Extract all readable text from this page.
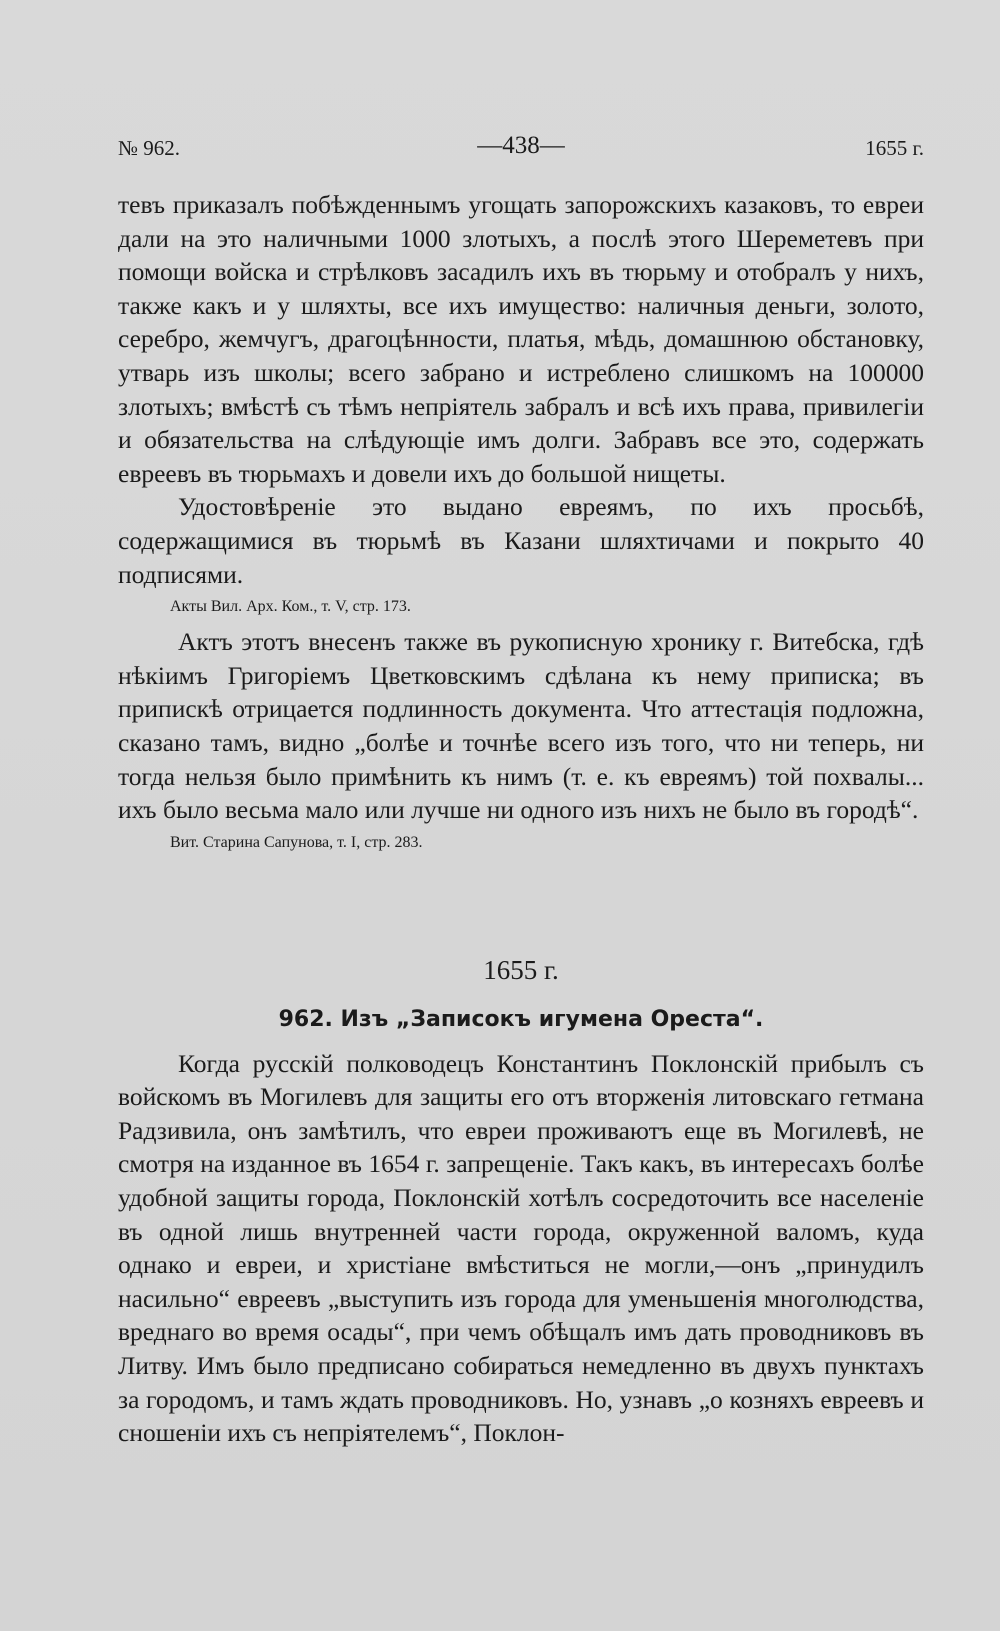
№ 962.	—438—	1655 г.

тевъ приказалъ побѣжденнымъ угощать запорожскихъ казаковъ, то евреи дали на это наличными 1000 злотыхъ, а послѣ этого Шереметевъ при помощи войска и стрѣлковъ засадилъ ихъ въ тюрьму и отобралъ у нихъ, также какъ и у шляхты, все ихъ имущество: наличныя деньги, золото, серебро, жемчугъ, драгоцѣнности, платья, мѣдь, домашнюю обстановку, утварь изъ школы; всего забрано и истреблено слишкомъ на 100000 злотыхъ; вмѣстѣ съ тѣмъ непріятель забралъ и всѣ ихъ права, привилегіи и обязательства на слѣдующіе имъ долги. Забравъ все это, содержать евреевъ въ тюрьмахъ и довели ихъ до большой нищеты.

Удостовѣреніе это выдано евреямъ, по ихъ просьбѣ, содержащимися въ тюрьмѣ въ Казани шляхтичами и покрыто 40 подписями.

Акты Вил. Арх. Ком., т. V, стр. 173.

Актъ этотъ внесенъ также въ рукописную хронику г. Витебска, гдѣ нѣкіимъ Григоріемъ Цветковскимъ сдѣлана къ нему приписка; въ припискѣ отрицается подлинность документа. Что аттестація подложна, сказано тамъ, видно „болѣе и точнѣе всего изъ того, что ни теперь, ни тогда нельзя было примѣнить къ нимъ (т. е. къ евреямъ) той похвалы... ихъ было весьма мало или лучше ни одного изъ нихъ не было въ городѣ“.

Вит. Старина Сапунова, т. I, стр. 283.

1655 г.
962. Изъ „Записокъ игумена Ореста“.

Когда русскій полководецъ Константинъ Поклонскій прибылъ съ войскомъ въ Могилевъ для защиты его отъ вторженія литовскаго гетмана Радзивила, онъ замѣтилъ, что евреи проживаютъ еще въ Могилевѣ, не смотря на изданное въ 1654 г. запрещеніе. Такъ какъ, въ интересахъ болѣе удобной защиты города, Поклонскій хотѣлъ сосредоточить все населеніе въ одной лишь внутренней части города, окруженной валомъ, куда однако и евреи, и христіане вмѣститься не могли,—онъ „принудилъ насильно“ евреевъ „выступить изъ города для уменьшенія многолюдства, вреднаго во время осады“, при чемъ обѣщалъ имъ дать проводниковъ въ Литву. Имъ было предписано собираться немедленно въ двухъ пунктахъ за городомъ, и тамъ ждать проводниковъ. Но, узнавъ „о козняхъ евреевъ и сношеніи ихъ съ непріятелемъ“, Поклон-
